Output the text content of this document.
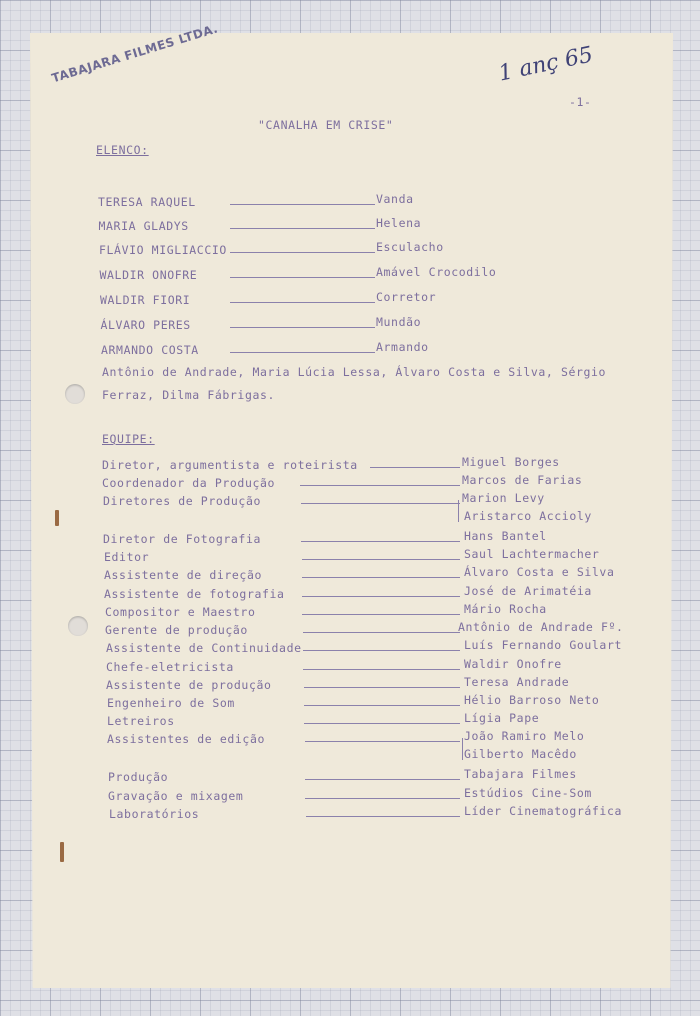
TABAJARA FILMES LTDA.	1 anç 65
-1-
"CANALHA EM CRISE"
ELENCO:
TERESA RAQUEL	Vanda
MARIA GLADYS	Helena
FLÁVIO MIGLIACCIO	Esculacho
WALDIR ONOFRE	Amável Crocodilo
WALDIR FIORI	Corretor
ÁLVARO PERES	Mundão
ARMANDO COSTA	Armando
Antônio de Andrade, Maria Lúcia Lessa, Álvaro Costa e Silva, Sérgio
Ferraz, Dilma Fábrigas.
EQUIPE:
Diretor, argumentista e roteirista	Miguel Borges
Coordenador da Produção	Marcos de Farias
Diretores de Produção	Marion Levy
Aristarco Accioly
Diretor de Fotografia	Hans Bantel
Editor	Saul Lachtermacher
Assistente de direção	Álvaro Costa e Silva
Assistente de fotografia	José de Arimatéia
Compositor e Maestro	Mário Rocha
Gerente de produção	Antônio de Andrade Fº.
Assistente de Continuidade	Luís Fernando Goulart
Chefe-eletricista	Waldir Onofre
Assistente de produção	Teresa Andrade
Engenheiro de Som	Hélio Barroso Neto
Letreiros	Lígia Pape
Assistentes de edição	João Ramiro Melo
Gilberto Macêdo
Produção	Tabajara Filmes
Gravação e mixagem	Estúdios Cine-Som
Laboratórios	Líder Cinematográfica
